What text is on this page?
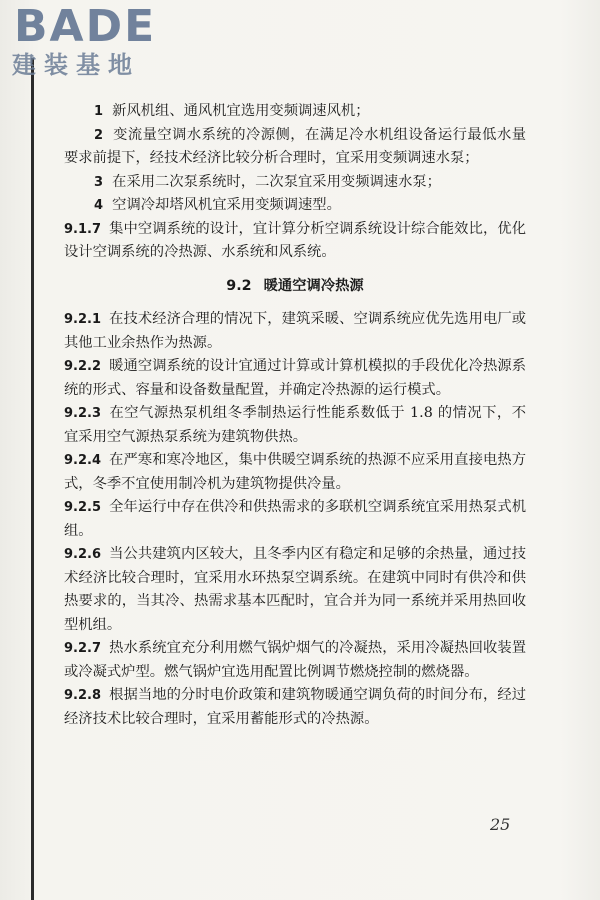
BADE
建装基地

1 新风机组、通风机宜选用变频调速风机；

2 变流量空调水系统的冷源侧，在满足冷水机组设备运行最低水量要求前提下，经技术经济比较分析合理时，宜采用变频调速水泵；

3 在采用二次泵系统时，二次泵宜采用变频调速水泵；

4 空调冷却塔风机宜采用变频调速型。

9.1.7 集中空调系统的设计，宜计算分析空调系统设计综合能效比，优化设计空调系统的冷热源、水系统和风系统。

9.2 暖通空调冷热源

9.2.1 在技术经济合理的情况下，建筑采暖、空调系统应优先选用电厂或其他工业余热作为热源。

9.2.2 暖通空调系统的设计宜通过计算或计算机模拟的手段优化冷热源系统的形式、容量和设备数量配置，并确定冷热源的运行模式。

9.2.3 在空气源热泵机组冬季制热运行性能系数低于 1.8 的情况下，不宜采用空气源热泵系统为建筑物供热。

9.2.4 在严寒和寒冷地区，集中供暖空调系统的热源不应采用直接电热方式，冬季不宜使用制冷机为建筑物提供冷量。

9.2.5 全年运行中存在供冷和供热需求的多联机空调系统宜采用热泵式机组。

9.2.6 当公共建筑内区较大，且冬季内区有稳定和足够的余热量，通过技术经济比较合理时，宜采用水环热泵空调系统。在建筑中同时有供冷和供热要求的，当其冷、热需求基本匹配时，宜合并为同一系统并采用热回收型机组。

9.2.7 热水系统宜充分利用燃气锅炉烟气的冷凝热，采用冷凝热回收装置或冷凝式炉型。燃气锅炉宜选用配置比例调节燃烧控制的燃烧器。

9.2.8 根据当地的分时电价政策和建筑物暖通空调负荷的时间分布，经过经济技术比较合理时，宜采用蓄能形式的冷热源。

25
